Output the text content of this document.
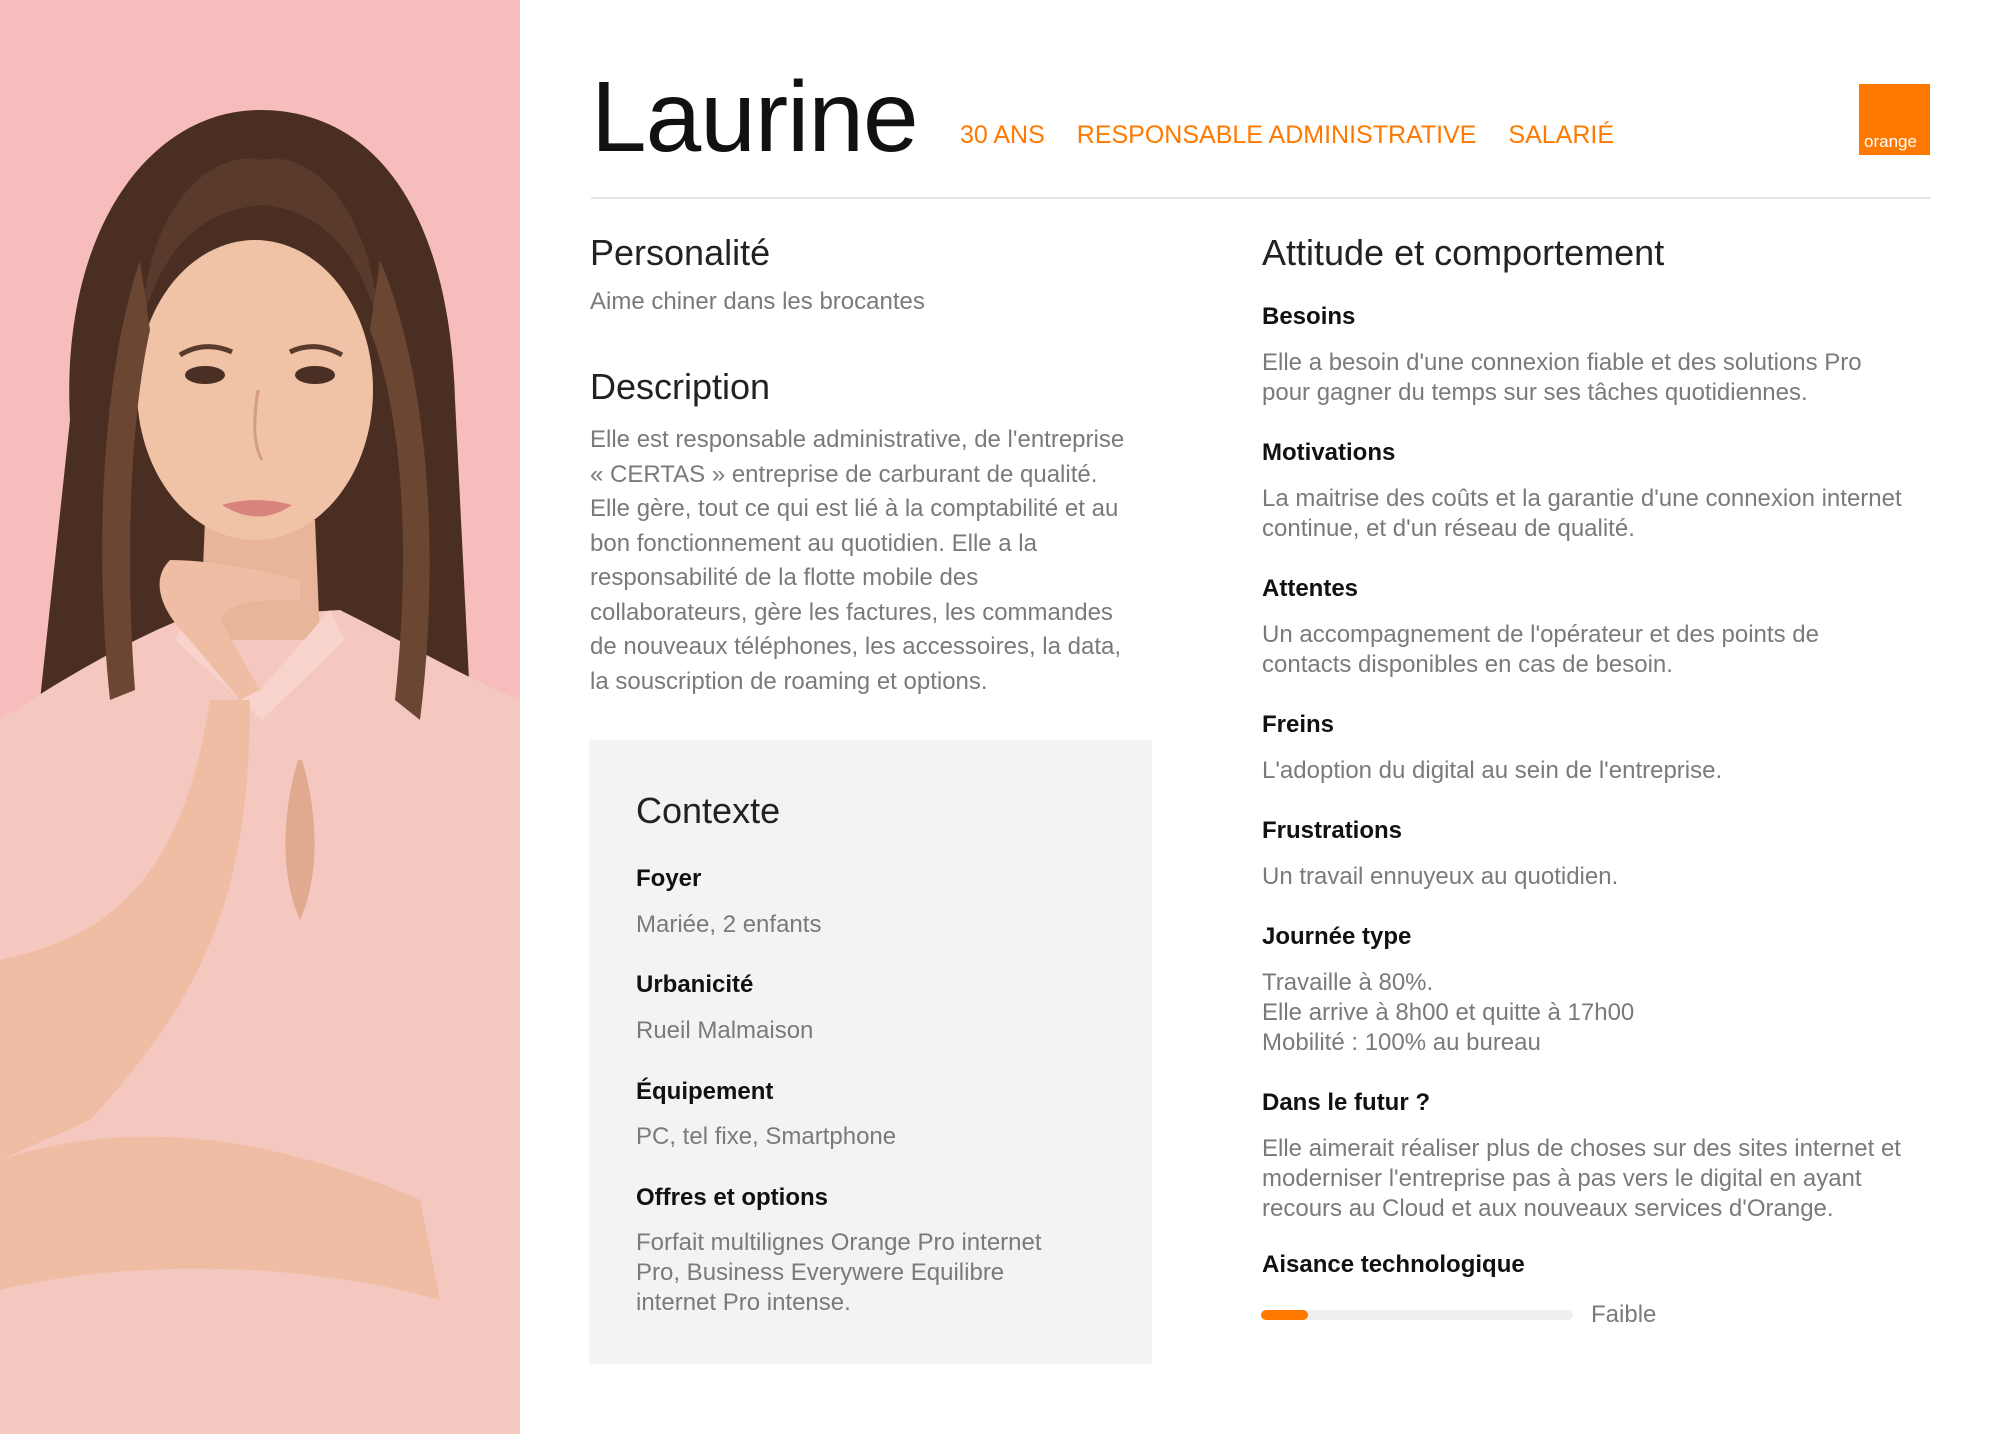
Laurine 30 ANS RESPONSABLE ADMINISTRATIVE SALARIÉ	orange
Personalité
Aime chiner dans les brocantes
Description
Elle est responsable administrative, de l'entreprise
« CERTAS » entreprise de carburant de qualité.
Elle gère, tout ce qui est lié à la comptabilité et au
bon fonctionnement au quotidien. Elle a la
responsabilité de la flotte mobile des
collaborateurs, gère les factures, les commandes
de nouveaux téléphones, les accessoires, la data,
la souscription de roaming et options.
Contexte
Foyer
Mariée, 2 enfants
Urbanicité
Rueil Malmaison
Équipement
PC, tel fixe, Smartphone
Offres et options
Forfait multilignes Orange Pro internet
Pro, Business Everywere Equilibre
internet Pro intense.
Attitude et comportement
Besoins
Elle a besoin d'une connexion fiable et des solutions Pro
pour gagner du temps sur ses tâches quotidiennes.
Motivations
La maitrise des coûts et la garantie d'une connexion internet
continue, et d'un réseau de qualité.
Attentes
Un accompagnement de l'opérateur et des points de
contacts disponibles en cas de besoin.
Freins
L'adoption du digital au sein de l'entreprise.
Frustrations
Un travail ennuyeux au quotidien.
Journée type
Travaille à 80%.
Elle arrive à 8h00 et quitte à 17h00
Mobilité : 100% au bureau
Dans le futur ?
Elle aimerait réaliser plus de choses sur des sites internet et
moderniser l'entreprise pas à pas vers le digital en ayant
recours au Cloud et aux nouveaux services d'Orange.
Aisance technologique
Faible
